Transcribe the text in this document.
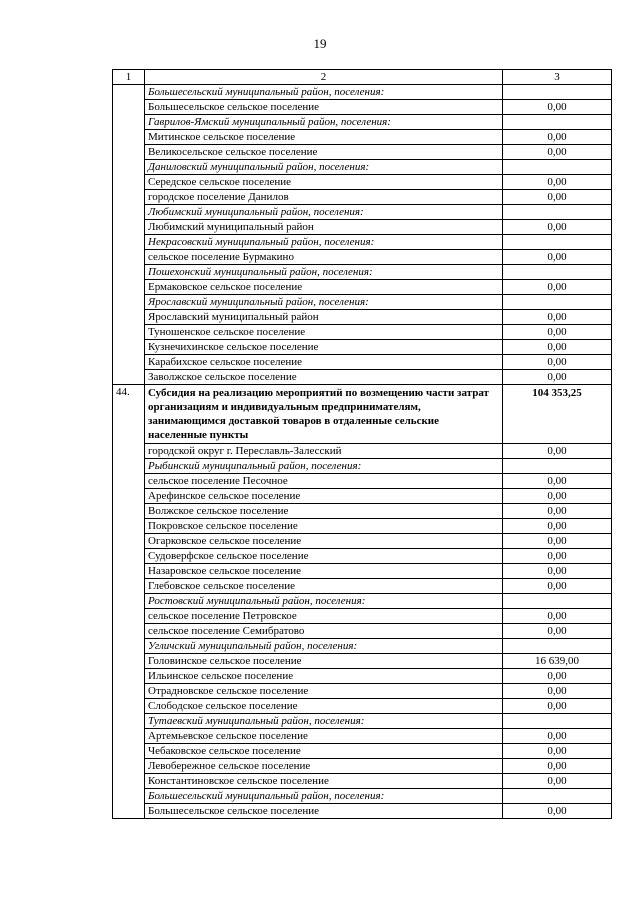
19
1	2	3
	Большесельский муниципальный район, поселения:	
	Большесельское сельское поселение	0,00
	Гаврилов-Ямский муниципальный район, поселения:	
	Митинское сельское поселение	0,00
	Великосельское сельское поселение	0,00
	Даниловский муниципальный район, поселения:	
	Середское сельское поселение	0,00
	городское поселение Данилов	0,00
	Любимский муниципальный район, поселения:	
	Любимский муниципальный район	0,00
	Некрасовский муниципальный район, поселения:	
	сельское поселение Бурмакино	0,00
	Пошехонский муниципальный район, поселения:	
	Ермаковское сельское поселение	0,00
	Ярославский муниципальный район, поселения:	
	Ярославский муниципальный район	0,00
	Туношенское сельское поселение	0,00
	Кузнечихинское сельское поселение	0,00
	Карабихское сельское поселение	0,00
	Заволжское сельское поселение	0,00
44.	Субсидия на реализацию мероприятий по возмещению части затрат организациям и индивидуальным предпринимателям, занимающимся доставкой товаров в отдаленные сельские населенные пункты	104 353,25
	городской округ г. Переславль-Залесский	0,00
	Рыбинский муниципальный район, поселения:	
	сельское поселение Песочное	0,00
	Арефинское сельское поселение	0,00
	Волжское сельское поселение	0,00
	Покровское сельское поселение	0,00
	Огарковское сельское поселение	0,00
	Судоверфское сельское поселение	0,00
	Назаровское сельское поселение	0,00
	Глебовское сельское поселение	0,00
	Ростовский муниципальный район, поселения:	
	сельское поселение Петровское	0,00
	сельское поселение Семибратово	0,00
	Угличский муниципальный район, поселения:	
	Головинское сельское поселение	16 639,00
	Ильинское сельское поселение	0,00
	Отрадновское сельское поселение	0,00
	Слободское сельское поселение	0,00
	Тутаевский муниципальный район, поселения:	
	Артемьевское сельское поселение	0,00
	Чебаковское сельское поселение	0,00
	Левобережное сельское поселение	0,00
	Константиновское сельское поселение	0,00
	Большесельский муниципальный район, поселения:	
	Большесельское сельское поселение	0,00
